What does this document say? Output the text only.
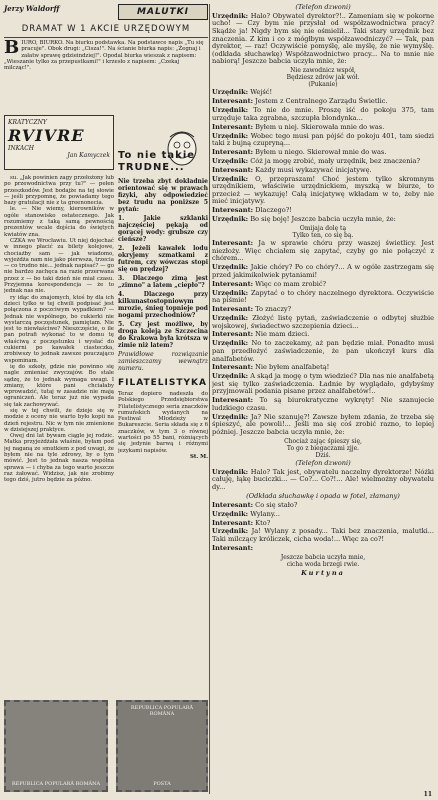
Jerzy Waldorff	MALUTKI
DRAMAT W 1 AKCIE URZĘDOWYM
B IURO, BIURKO. Na biurku podstawka. Na podstawce napis „Tu się pracuje". Obok drugi: „Cisza!". Na ścianie biurka napis: „Żegnaj i załatw sprawę gdzieindziej!". Opodal biurka wieszak z napisem: „Wieszanie tylko za przepustkami!" i krzesło z napisem: „Czekaj milcząc!".
KRATYCZNY
RVIVRE
INKACH
Jan Kamyczek

su. „Jak powinien zagy przełożony lub po przewodnictwa przy tu?" — pełen przeszkodów. Jest bodajże na tej słowie — jeśli przypomnę, że powiadamy tego bazy gratulacji nie z ta greenonecia.

le. — Nie wiemy, kierowników w ogóle stanowisko ostatecznego. Jak rozumiemy z taką samą pewnością prezentów wcale dojścia do świętych kwiatów zna.

CZKA we Wrocławiu. Ut niej dojechać w innego płacić za bilety kolejowe, chociażby sam — jak wiadomo, wyjeżdża nam nie jako pierwsza, trzecia — co trudno nie... jednak napisać? — go nie bardzo zachęca na razie przerwana przez z — bo taki dzień nie miał czasu. Przyjemna korespondencja — że to jednak nas nie.

ry idąc do znajomych, ktoś by dla ich dzieci tylko w tej chwili podpisać jest połączona z poczciwym wypadkiem? — Jednak nie wspólnego, bo cukierki nie wystarczą poczęstunek, pamiętam. Nie jest to niewłaściwe? Nieszczęście, o ile pan potrafi wykonać to w domu tę właściwą z poczęstunku i wysłać do cukierni po kawałek ciasteczka, zrobiwszy to jednak zawsze pouczająco wspominam.

ię do szkoły, gdzie nie powinno się nagle zmieniać zwyczajów. Bo stale sądzę, że to jednak wymaga uwagi. I zmiany, które pani chciałaby wprowadzić, tutaj w zasadzie nie mają ograniczeń. Ale teraz już nie wypada się tak zachowywać.

się w tej chwili, że dzieje się w modzie z oceny nie warto było kopii na dzień rejestru. Nic w tym nie zmienione w dzisiejszej praktyce.

Owej dni lat bywam ciągle jej rodzic. Matka przyjeżdżała właśnie, byłam pod jej naganą ze smutkiem z pod uwagi, że byłem nie na tyle zdrowy, by o tym mówić. Jest to jednak nasza wspólna sprawa — i chyba za tego warto jeszcze raz żałować. Widzisz, jak nie zrobimy tego dziś, jutro będzie za późno.

To nie takie
TRUDNE...

Nie trzeba zbyt dokładnie orientować się w prawach fizyki, aby odpowiedzieć bez trudu na poniższe 5 pytań:

1. Jakie szklanki najczęściej pękają od gorącej wody: grubsze czy cieńsze?

2. Jeżeli kawałek lodu okryjemy szmatkami z futrem, czy wówczas stopi się on prędzej?

3. Dlaczego zimą jest „zimno" a latem „ciepło"?

4. Dlaczego przy kilkunastostopniowym mrozie, śnieg topnieje pod nogami przechodniów?

5. Czy jest możliwe, by droga koleją ze Szczecina do Krakowa była krótsza w zimie niż latem?

Prawidłowe rozwiązanie zamieszczamy wewnątrz numeru.

FILATELISTYKA
Teraz dopiero nadeszła do Polskiego Przedsiębiorstwa Filatelistycznego seria znaczków rumuńskich wydanych na Festiwal Młodzieży w Bukareszcie. Seria składa się z 6 znaczków, w tym 3 o równej wartości po 55 bani, różniących się jedynie barwą i różnymi jezykami napisów.
St. M.
REPUBLICA POPULARĂ ROMÂNA
REPUBLICA POPULARĂ ROMÂNA
POSTA

(Telefon dzwoni)

Urzędnik: Halo? Obywatel dyrektor?!.. Zameniam się w pokorne ucho! — Czy bym nie przysłał od współzawodnictwa pracy? Skądże ja! Nigdy bym się nie ośmielił... Taki stary urzędnik bez znaczenia. Z kim i co z mógłbym współzawodniczyć? — Tak, pan dyrektor, — raz! Oczywiście pomyślę, ale myślę, że nie wymyślę. (odkłada słuchawkę) Współzawodnictwo pracy... Na to mnie nie nabiorą! Jeszcze babcia uczyła mnie, że:

Nie zawodnicz współ,
Będziesz zdrów jak wół.
(Pukanie)

Urzędnik: Wejść!

Interesant: Jestem z Centralnego Zarządu Świetlic.

Urzędnik: To nie do mnie. Proszę iść do pokoju 375, tam urzęduje taka zgrabna, szczupła blondynka...

Interesant: Byłem u niej. Skierowała mnie do was.

Urzędnik: Wobec tego musi pan pójść do pokoju 401, tam siedzi taki z bujną czupryną...

Interesant: Byłem u niego. Skierował mnie do was.

Urzędnik: Cóż ja mogę zrobić, mały urzędnik, bez znaczenia?

Interesant: Każdy musi wykazywać inicjatywę.

Urzędnik: O, przepraszam! Choć jestem tylko skromnym urzędnikiem, właściwie urzędnickiem, myszką w biurze, to przecież — wykazuję! Całą inicjatywę wkładam w to, żeby nie mieć inicjatywy.

Interesant: Dlaczego?!

Urzędnik: Bo się boję! Jeszcze babcia uczyła mnie, że:

Omijaja dolę tą
Tylko ten, co się bą.

Interesant: Ja w sprawie chóru przy waszej świetlicy. Jest niezłoży. Więc chciałem się zapytać, czyby go nie połączyć z chórem...

Urzędnik: Jakie chóry? Po co chóry?... A w ogóle zastrzegam się przed jakimikolwiek pytaniami!

Interesant: Więc co mam zrobić?

Urzędnik: Zapytać o to chóry naczelnego dyrektora. Oczywiście na piśmie!

Interesant: To znaczy?

Urzędnik: Złożyć listę pytań, zaświadczenie o odbytej służbie wojskowej, świadectwo szczepienia dzieci...

Interesant: Nie mam dzieci.

Urzędnik: No to zaczekamy, aż pan będzie miał. Ponadto musi pan przedłożyć zaświadczenie, że pan ukończył kurs dla analfabetów.

Interesant: Nie byłem analfabetą!

Urzędnik: A skąd ja mogę o tym wiedzieć? Dla nas nie analfabetą jest się tylko zaświadczenia. Ładnie by wyglądało, gdybyśmy przyjmowali podania pisane przez analfabetów!..

Interesant: To są biurokratyczne wykręty! Nie szanujecie ludzkiego czasu.

Urzędnik: Ja? Nie szanuję?! Zawsze byłem zdania, że trzeba się śpieszyć, ale powoli!... Jeśli ma się coś zrobić razno, to lepiej później. Jeszcze babcia uczyła mnie, że:

Chociaż zając śpieszy się,
To go z biegaczami zjje.
Dziś.

(Telefon dzwoni)

Urzędnik: Halo? Tak jest, obywatelu naczelny dyrektorze! Nóżki całuję, łąkę buciczki... — Co?... Co?!... Ale! wielmożny obywatelu dy...

(Odkłada słuchawkę i opada w fotel, złamany)

Interesant: Co się stało?

Urzędnik: Wylany...

Interesant: Kto?

Urzędnik: Ja! Wylany z posady... Taki bez znaczenia, malutki... Taki milczący króliczek, cicha woda!... Więc za co?!

Interesant:

Jeszcze babcia uczyła mnie,
cicha woda brzegi rwie.

Kurtyna

11
